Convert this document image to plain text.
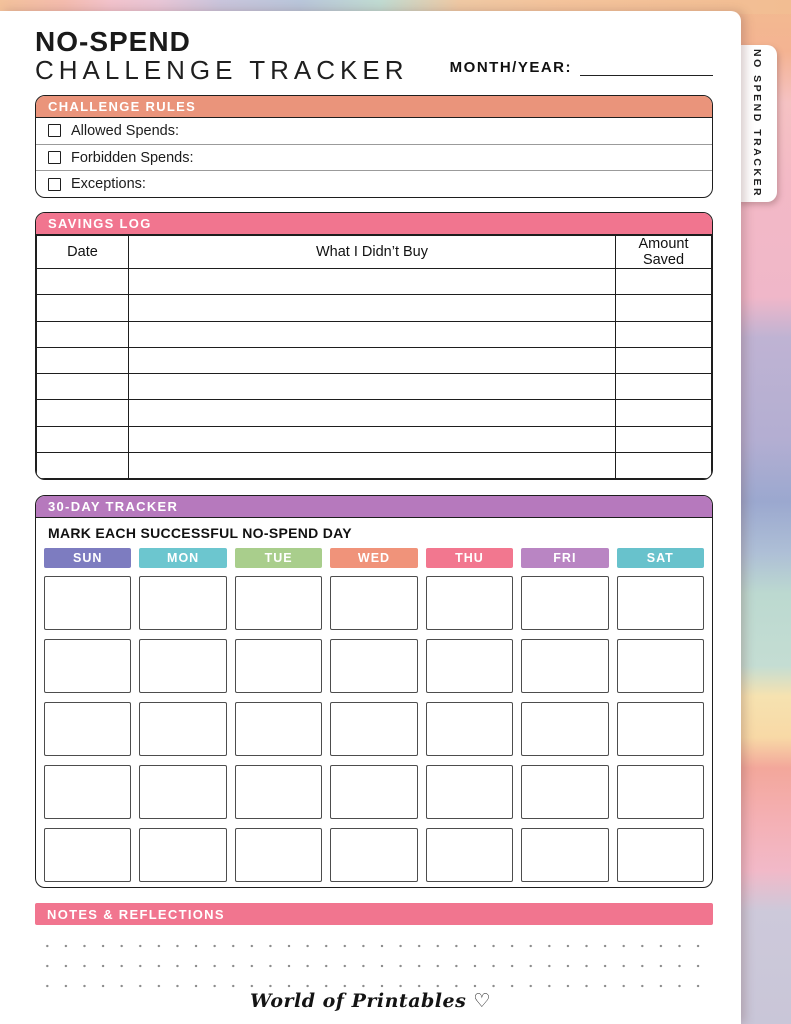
NO SPEND TRACKER
NO-SPEND
CHALLENGE TRACKER	MONTH/YEAR:
CHALLENGE RULES
Allowed Spends:
Forbidden Spends:
Exceptions:
SAVINGS LOG
Date	What I Didn’t Buy	Amount Saved

30-DAY TRACKER
MARK EACH SUCCESSFUL NO-SPEND DAY
SUN	MON	TUE	WED	THU	FRI	SAT
NOTES & REFLECTIONS
World of Printables ♡
